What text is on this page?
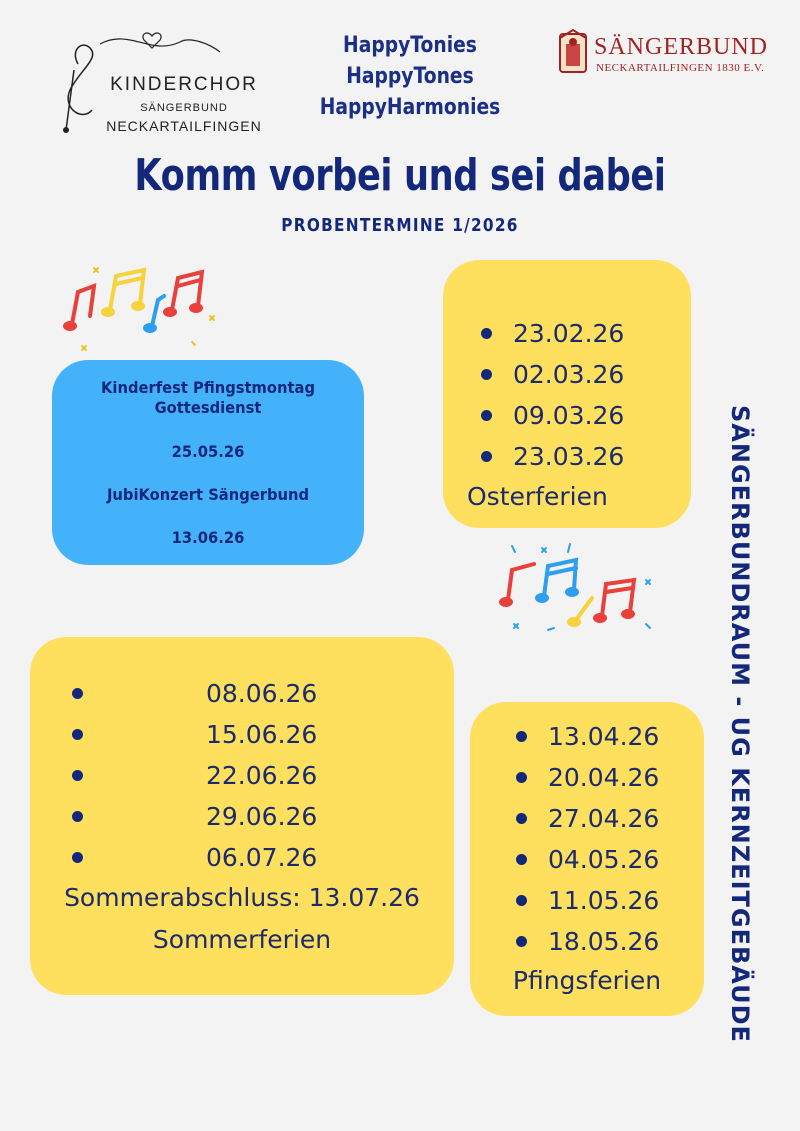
KINDERCHOR
SÄNGERBUND
NECKARTAILFINGEN
HappyTonies
HappyTones
HappyHarmonies
SÄNGERBUND
NECKARTAILFINGEN 1830 E.V.
Komm vorbei und sei dabei
PROBENTERMINE 1/2026
Kinderfest Pfingstmontag
Gottesdienst
25.05.26
JubiKonzert Sängerbund
13.06.26
23.02.26
02.03.26
09.03.26
23.03.26
Osterferien
08.06.26
15.06.26
22.06.26
29.06.26
06.07.26
Sommerabschluss: 13.07.26
Sommerferien
13.04.26
20.04.26
27.04.26
04.05.26
11.05.26
18.05.26
Pfingsferien	SÄNGERBUNDRAUM - UG KERNZEITGEBÄUDE
